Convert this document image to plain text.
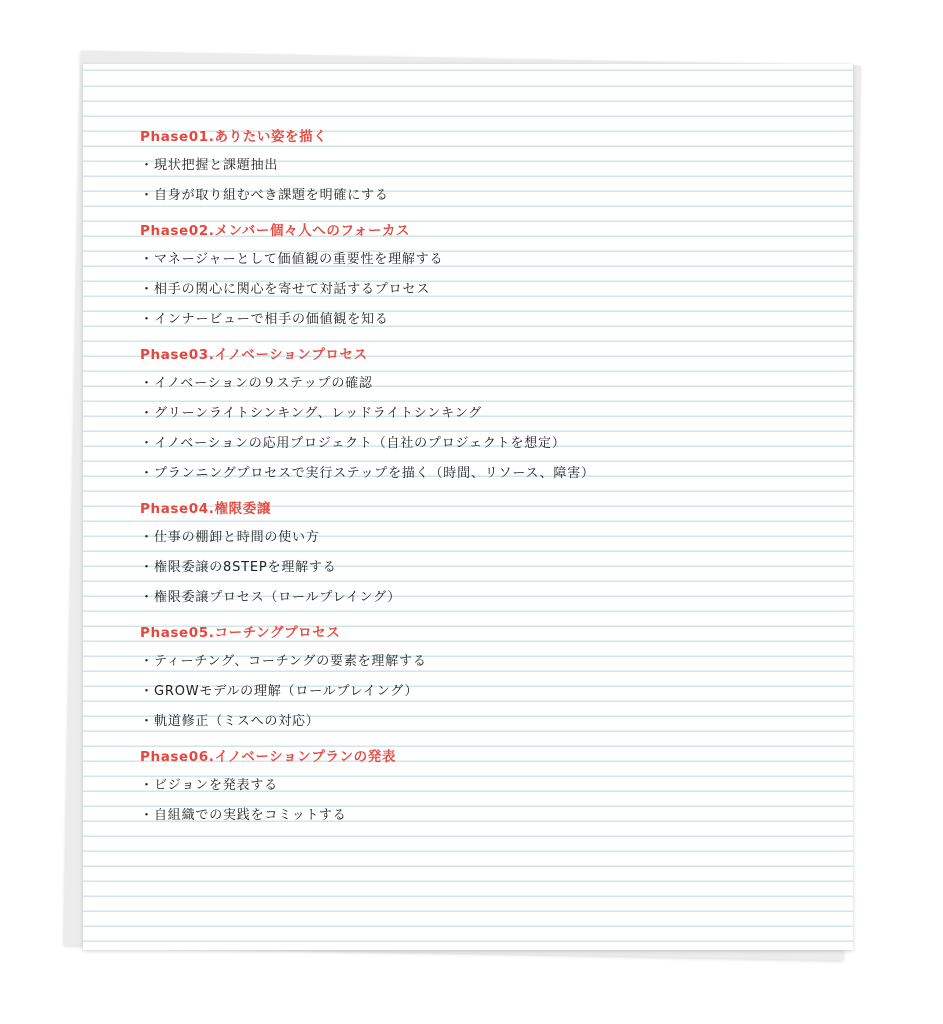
Phase01.ありたい姿を描く
・現状把握と課題抽出
・自身が取り組むべき課題を明確にする
Phase02.メンバー個々人へのフォーカス
・マネージャーとして価値観の重要性を理解する
・相手の関心に関心を寄せて対話するプロセス
・インナービューで相手の価値観を知る
Phase03.イノベーションプロセス
・イノベーションの９ステップの確認
・グリーンライトシンキング、レッドライトシンキング
・イノベーションの応用プロジェクト（自社のプロジェクトを想定）
・プランニングプロセスで実行ステップを描く（時間、リソース、障害）
Phase04.権限委譲
・仕事の棚卸と時間の使い方
・権限委譲の8STEPを理解する
・権限委譲プロセス（ロールプレイング）
Phase05.コーチングプロセス
・ティーチング、コーチングの要素を理解する
・GROWモデルの理解（ロールプレイング）
・軌道修正（ミスへの対応）
Phase06.イノベーションプランの発表
・ビジョンを発表する
・自組織での実践をコミットする
